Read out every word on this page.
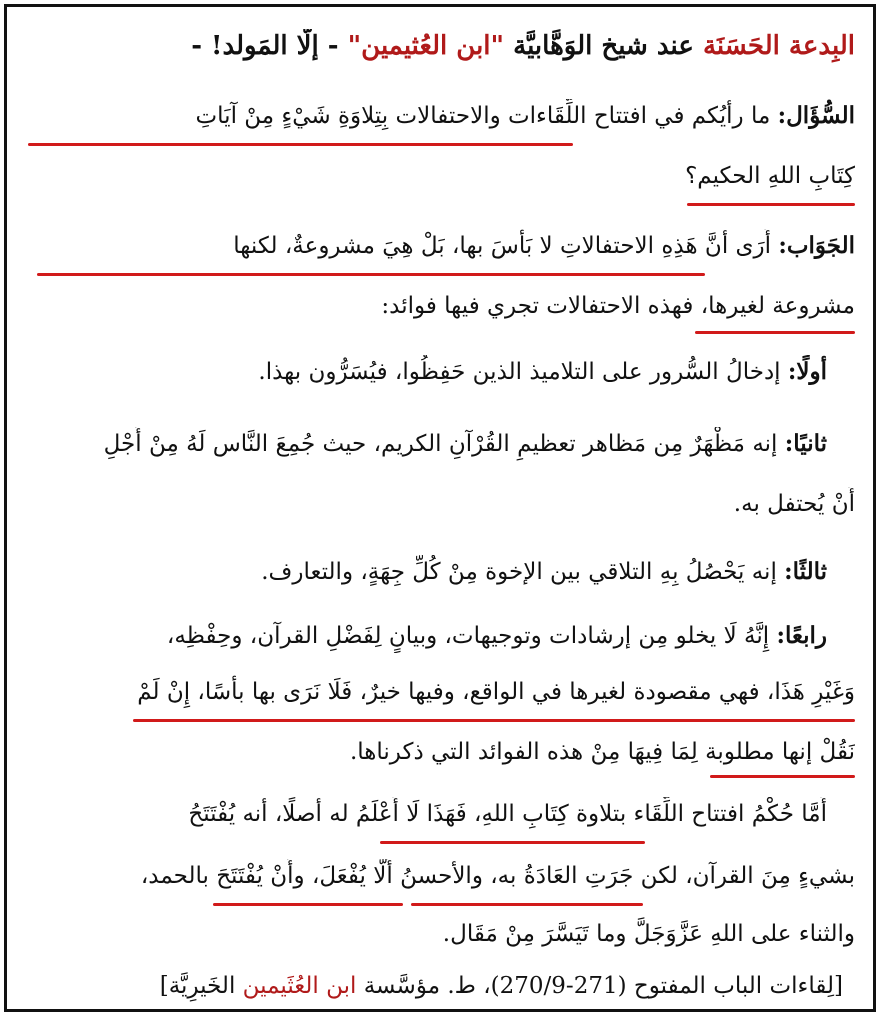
البِدعة الحَسَنَة عند شيخ الوَهَّابيَّة "ابن العُثيمين" - إلَّا المَولد! -
السُّؤَال: ما رأيُكم في افتتاح اللِّقَاءات والاحتفالات بِتِلاوَةِ شَيْءٍ مِنْ آيَاتِ
كِتَابِ اللهِ الحكيم؟
الجَوَاب: أَرَى أنَّ هَذِهِ الاحتفالاتِ لا بَأْسَ بها، بَلْ هِيَ مشروعةٌ، لكنها
مشروعة لغيرها، فهذه الاحتفالات تجري فيها فوائد:
أولًا: إدخالُ السُّرور على التلاميذ الذين حَفِظُوا، فيُسَرُّون بهذا.
ثانيًا: إنه مَظْهَرٌ مِن مَظاهر تعظيمِ القُرْآنِ الكريم، حيث جُمِعَ النَّاس لَهُ مِنْ أَجْلِ
أَنْ يُحتفل به.
ثالثًا: إنه يَحْصُلُ بِهِ التلاقي بين الإخوة مِنْ كُلِّ جِهَةٍ، والتعارف.
رابعًا: إِنَّهُ لَا يخلو مِن إرشادات وتوجيهات، وبيانٍ لِفَضْلِ القرآن، وحِفْظِه،
وَغَيْرِ هَذَا، فهي مقصودة لغيرها في الواقع، وفيها خيرٌ، فَلَا نَرَى بها بأسًا، إِنْ لَمْ
نَقُلْ إنها مطلوبة لِمَا فِيهَا مِنْ هذه الفوائد التي ذكرناها.
أَمَّا حُكْمُ افتتاح اللِّقَاء بتلاوة كِتَابِ اللهِ، فَهَذَا لَا أَعْلَمُ له أصلًا، أنه يُفْتَتَحُ
بشيءٍ مِنَ القرآن، لكن جَرَتِ العَادَةُ به، والأحسنُ أَلَّا يُفْعَلَ، وأَنْ يُفْتَتَحَ بالحمد،
والثناء على اللهِ عَزَّوَجَلَّ وما تَيَسَّرَ مِنْ مَقَال.
[لِقاءات الباب المفتوح (271-270/9)، ط. مؤسَّسة ابن العُثَيمين الخَيرِيَّة]
